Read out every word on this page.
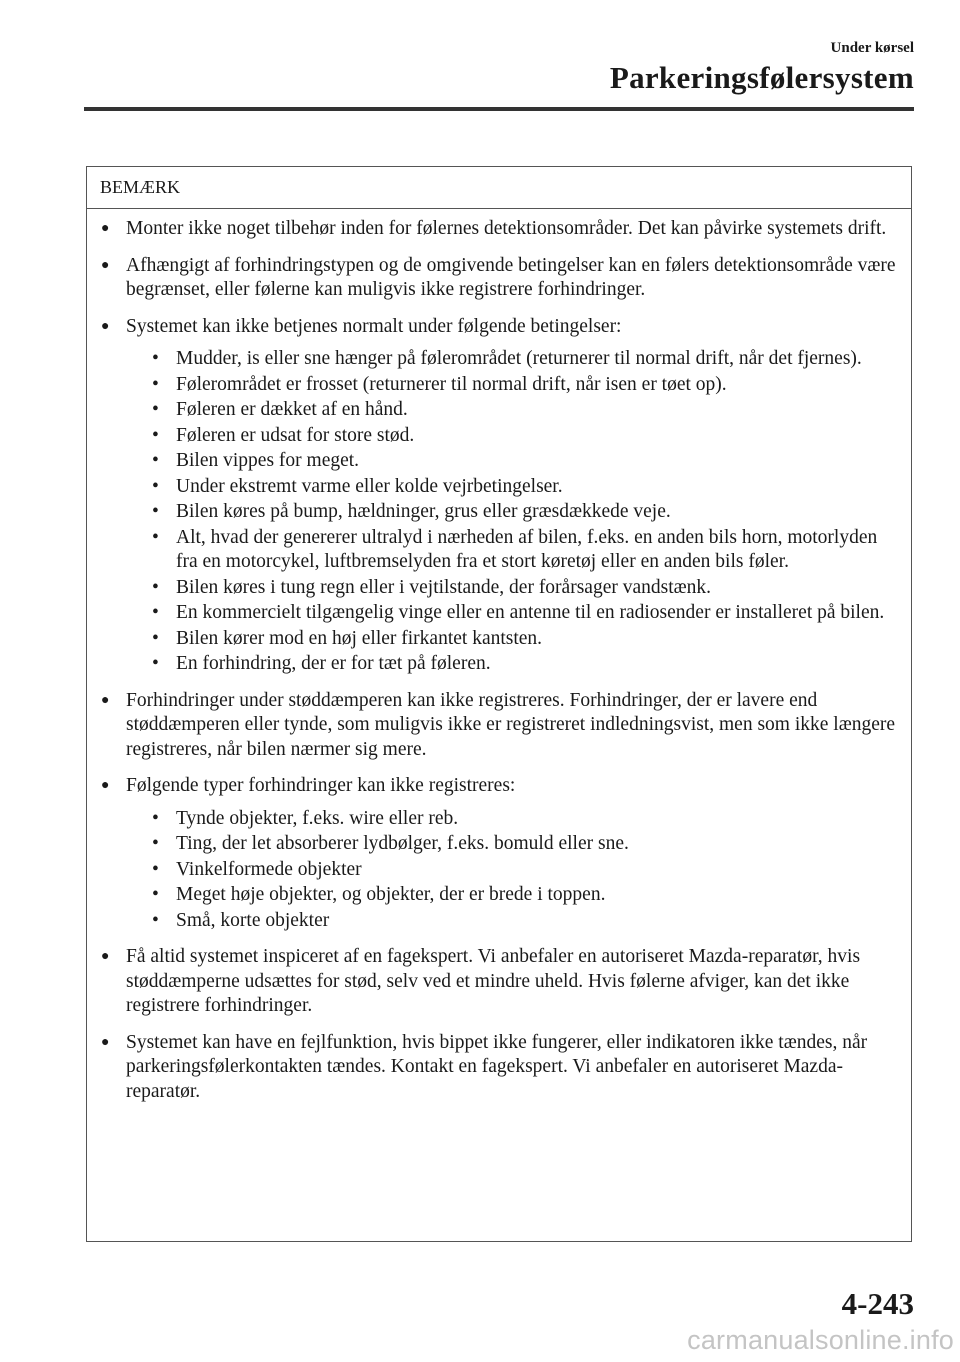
Under kørsel
Parkeringsfølersystem
BEMÆRK
● Monter ikke noget tilbehør inden for følernes detektionsområder. Det kan påvirke systemets drift.
● Afhængigt af forhindringstypen og de omgivende betingelser kan en følers detektionsområde være begrænset, eller følerne kan muligvis ikke registrere forhindringer.
● Systemet kan ikke betjenes normalt under følgende betingelser:
• Mudder, is eller sne hænger på følerområdet (returnerer til normal drift, når det fjernes).
• Følerområdet er frosset (returnerer til normal drift, når isen er tøet op).
• Føleren er dækket af en hånd.
• Føleren er udsat for store stød.
• Bilen vippes for meget.
• Under ekstremt varme eller kolde vejrbetingelser.
• Bilen køres på bump, hældninger, grus eller græsdækkede veje.
• Alt, hvad der genererer ultralyd i nærheden af bilen, f.eks. en anden bils horn, motorlyden fra en motorcykel, luftbremselyden fra et stort køretøj eller en anden bils føler.
• Bilen køres i tung regn eller i vejtilstande, der forårsager vandstænk.
• En kommercielt tilgængelig vinge eller en antenne til en radiosender er installeret på bilen.
• Bilen kører mod en høj eller firkantet kantsten.
• En forhindring, der er for tæt på føleren.
● Forhindringer under støddæmperen kan ikke registreres. Forhindringer, der er lavere end støddæmperen eller tynde, som muligvis ikke er registreret indledningsvist, men som ikke længere registreres, når bilen nærmer sig mere.
● Følgende typer forhindringer kan ikke registreres:
• Tynde objekter, f.eks. wire eller reb.
• Ting, der let absorberer lydbølger, f.eks. bomuld eller sne.
• Vinkelformede objekter
• Meget høje objekter, og objekter, der er brede i toppen.
• Små, korte objekter
● Få altid systemet inspiceret af en fagekspert. Vi anbefaler en autoriseret Mazda-reparatør, hvis støddæmperne udsættes for stød, selv ved et mindre uheld. Hvis følerne afviger, kan det ikke registrere forhindringer.
● Systemet kan have en fejlfunktion, hvis bippet ikke fungerer, eller indikatoren ikke tændes, når parkeringsfølerkontakten tændes. Kontakt en fagekspert. Vi anbefaler en autoriseret Mazda-reparatør.
4-243
carmanualsonline.info
